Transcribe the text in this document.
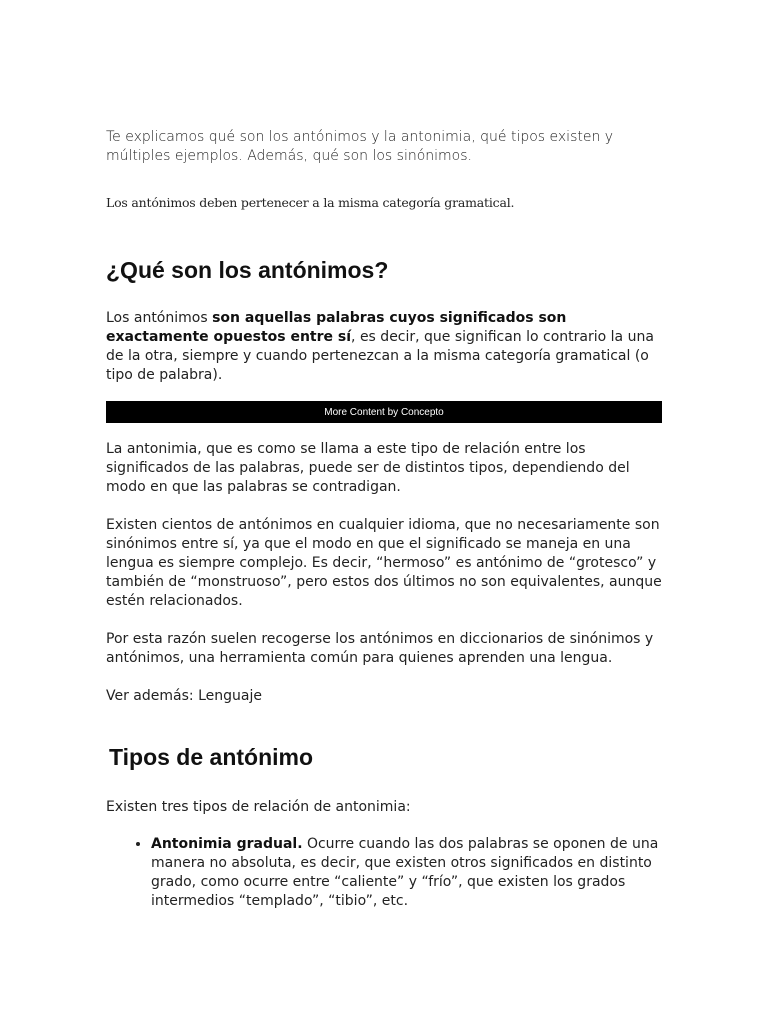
Te explicamos qué son los antónimos y la antonimia, qué tipos existen y múltiples ejemplos. Además, qué son los sinónimos.

Los antónimos deben pertenecer a la misma categoría gramatical.

¿Qué son los antónimos?

Los antónimos son aquellas palabras cuyos significados son exactamente opuestos entre sí, es decir, que significan lo contrario la una de la otra, siempre y cuando pertenezcan a la misma categoría gramatical (o tipo de palabra).

More Content by Concepto

La antonimia, que es como se llama a este tipo de relación entre los significados de las palabras, puede ser de distintos tipos, dependiendo del modo en que las palabras se contradigan.

Existen cientos de antónimos en cualquier idioma, que no necesariamente son sinónimos entre sí, ya que el modo en que el significado se maneja en una lengua es siempre complejo. Es decir, “hermoso” es antónimo de “grotesco” y también de “monstruoso”, pero estos dos últimos no son equivalentes, aunque estén relacionados.

Por esta razón suelen recogerse los antónimos en diccionarios de sinónimos y antónimos, una herramienta común para quienes aprenden una lengua.

Ver además: Lenguaje

Tipos de antónimo

Existen tres tipos de relación de antonimia:

• Antonimia gradual. Ocurre cuando las dos palabras se oponen de una manera no absoluta, es decir, que existen otros significados en distinto grado, como ocurre entre “caliente” y “frío”, que existen los grados intermedios “templado”, “tibio”, etc.
